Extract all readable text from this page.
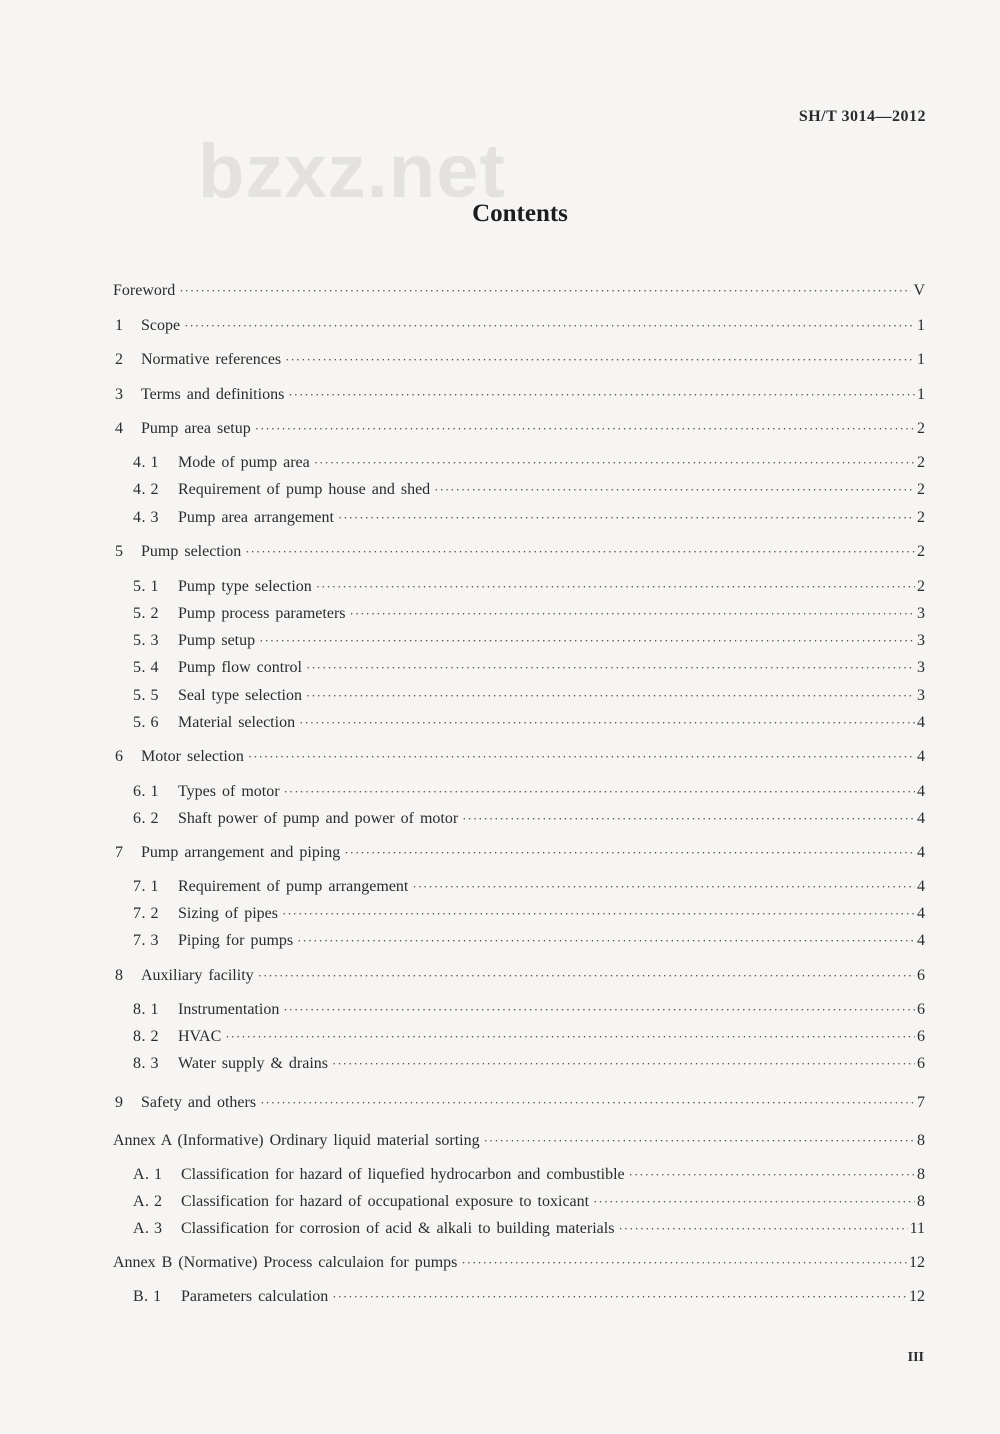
SH/T 3014—2012
bzxz.net
Contents
Foreword ·····	V
1	Scope ·····	1
2	Normative references ·····	1
3	Terms and definitions ·····	1
4	Pump area setup ·····	2
4. 1	Mode of pump area ·····	2
4. 2	Requirement of pump house and shed ·····	2
4. 3	Pump area arrangement ·····	2
5	Pump selection ·····	2
5. 1	Pump type selection ·····	2
5. 2	Pump process parameters ·····	3
5. 3	Pump setup ·····	3
5. 4	Pump flow control ·····	3
5. 5	Seal type selection ·····	3
5. 6	Material selection ·····	4
6	Motor selection ·····	4
6. 1	Types of motor ·····	4
6. 2	Shaft power of pump and power of motor ·····	4
7	Pump arrangement and piping ·····	4
7. 1	Requirement of pump arrangement ·····	4
7. 2	Sizing of pipes ·····	4
7. 3	Piping for pumps ·····	4
8	Auxiliary facility ·····	6
8. 1	Instrumentation ·····	6
8. 2	HVAC ·····	6
8. 3	Water supply & drains ·····	6
9	Safety and others ·····	7
Annex A (Informative) Ordinary liquid material sorting ·····	8
A. 1	Classification for hazard of liquefied hydrocarbon and combustible ·····	8
A. 2	Classification for hazard of occupational exposure to toxicant ·····	8
A. 3	Classification for corrosion of acid & alkali to building materials ·····	11
Annex B (Normative) Process calculaion for pumps ·····	12
B. 1	Parameters calculation ·····	12
III
